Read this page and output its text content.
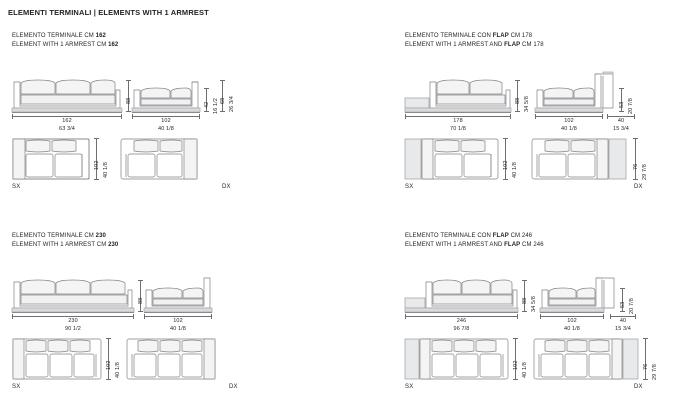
ELEMENTI TERMINALI | ELEMENTS WITH 1 ARMREST
ELEMENTO TERMINALE CM 162
ELEMENT WITH 1 ARMREST CM 162
88
42 16 1/2 68 26 3/4
162
63 3/4
102
40 1/8
102 40 1/8
SX	DX
ELEMENTO TERMINALE CON FLAP CM 178
ELEMENT WITH 1 ARMREST AND FLAP CM 178
88 34 5/8	53 20 7/8
178
70 1/8
102
40 1/8
40
15 3/4
102 40 1/8	76 29 7/8
SX	DX
ELEMENTO TERMINALE CM 230
ELEMENT WITH 1 ARMREST CM 230
88
230
90 1/2
102
40 1/8
102 40 1/8
SX	DX
ELEMENTO TERMINALE CON FLAP CM 246
ELEMENT WITH 1 ARMREST AND FLAP CM 246
88 34 5/8	53 20 7/8
246
96 7/8
102
40 1/8
40
15 3/4
102 40 1/8	76 29 7/8
SX	DX
